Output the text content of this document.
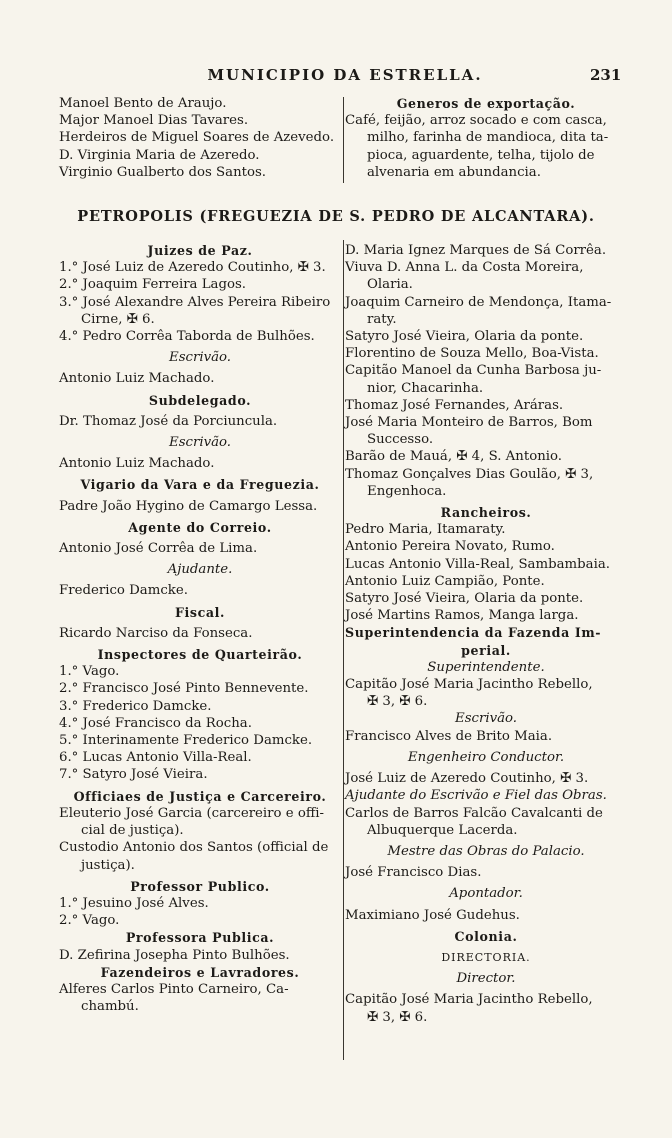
MUNICIPIO DA ESTRELLA.	231
Manoel Bento de Araujo.
Major Manoel Dias Tavares.
Herdeiros de Miguel Soares de Azevedo.
D. Virginia Maria de Azeredo.
Virginio Gualberto dos Santos.
Generos de exportação.
Café, feijão, arroz socado e com casca,
milho, farinha de mandioca, dita ta-
pioca, aguardente, telha, tijolo de
alvenaria em abundancia.
PETROPOLIS (FREGUEZIA DE S. PEDRO DE ALCANTARA).
Juizes de Paz.
1.° José Luiz de Azeredo Coutinho, ✠ 3.
2.° Joaquim Ferreira Lagos.
3.° José Alexandre Alves Pereira Ribeiro
Cirne, ✠ 6.
4.° Pedro Corrêa Taborda de Bulhões.
Escrivão.
Antonio Luiz Machado.
Subdelegado.
Dr. Thomaz José da Porciuncula.
Escrivão.
Antonio Luiz Machado.
Vigario da Vara e da Freguezia.
Padre João Hygino de Camargo Lessa.
Agente do Correio.
Antonio José Corrêa de Lima.
Ajudante.
Frederico Damcke.
Fiscal.
Ricardo Narciso da Fonseca.
Inspectores de Quarteirão.
1.° Vago.
2.° Francisco José Pinto Bennevente.
3.° Frederico Damcke.
4.° José Francisco da Rocha.
5.° Interinamente Frederico Damcke.
6.° Lucas Antonio Villa-Real.
7.° Satyro José Vieira.
Officiaes de Justiça e Carcereiro.
Eleuterio José Garcia (carcereiro e offi-
cial de justiça).
Custodio Antonio dos Santos (official de
justiça).
Professor Publico.
1.° Jesuino José Alves.
2.° Vago.
Professora Publica.
D. Zefirina Josepha Pinto Bulhões.
Fazendeiros e Lavradores.
Alferes Carlos Pinto Carneiro, Ca-
chambú.
D. Maria Ignez Marques de Sá Corrêa.
Viuva D. Anna L. da Costa Moreira,
Olaria.
Joaquim Carneiro de Mendonça, Itama-
raty.
Satyro José Vieira, Olaria da ponte.
Florentino de Souza Mello, Boa-Vista.
Capitão Manoel da Cunha Barbosa ju-
nior, Chacarinha.
Thomaz José Fernandes, Aráras.
José Maria Monteiro de Barros, Bom
Successo.
Barão de Mauá, ✠ 4, S. Antonio.
Thomaz Gonçalves Dias Goulão, ✠ 3,
Engenhoca.
Rancheiros.
Pedro Maria, Itamaraty.
Antonio Pereira Novato, Rumo.
Lucas Antonio Villa-Real, Sambambaia.
Antonio Luiz Campião, Ponte.
Satyro José Vieira, Olaria da ponte.
José Martins Ramos, Manga larga.
Superintendencia da Fazenda Im-
perial.
Superintendente.
Capitão José Maria Jacintho Rebello,
✠ 3, ✠ 6.
Escrivão.
Francisco Alves de Brito Maia.
Engenheiro Conductor.
José Luiz de Azeredo Coutinho, ✠ 3.
Ajudante do Escrivão e Fiel das Obras.
Carlos de Barros Falcão Cavalcanti de
Albuquerque Lacerda.
Mestre das Obras do Palacio.
José Francisco Dias.
Apontador.
Maximiano José Gudehus.
Colonia.
DIRECTORIA.
Director.
Capitão José Maria Jacintho Rebello,
✠ 3, ✠ 6.
